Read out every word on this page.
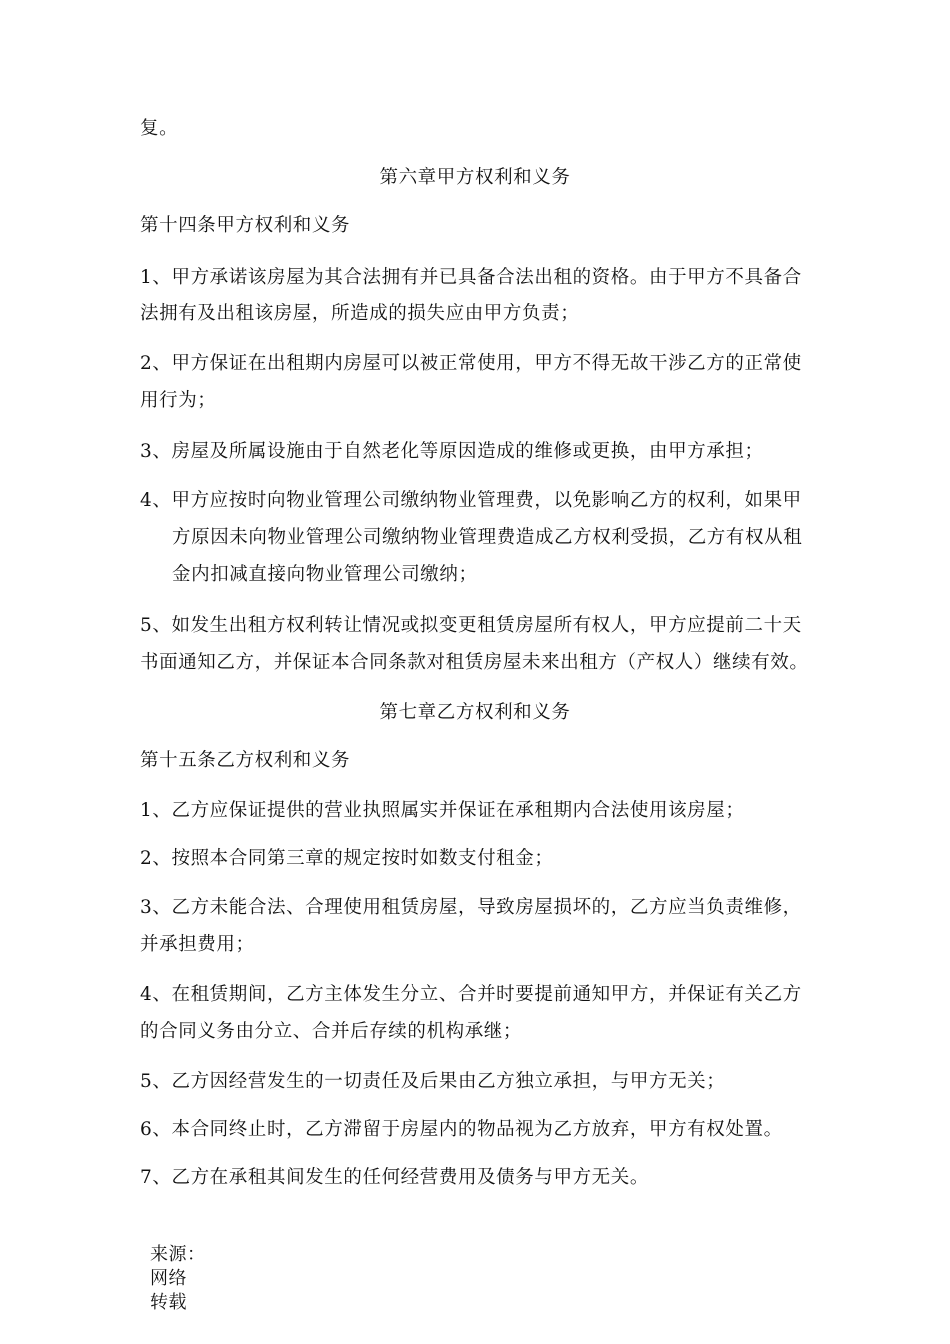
复。
第六章甲方权利和义务
第十四条甲方权利和义务
1、甲方承诺该房屋为其合法拥有并已具备合法出租的资格。由于甲方不具备合
法拥有及出租该房屋，所造成的损失应由甲方负责；
2、甲方保证在出租期内房屋可以被正常使用，甲方不得无故干涉乙方的正常使
用行为；
3、房屋及所属设施由于自然老化等原因造成的维修或更换，由甲方承担；
4、甲方应按时向物业管理公司缴纳物业管理费，以免影响乙方的权利，如果甲
方原因未向物业管理公司缴纳物业管理费造成乙方权利受损，乙方有权从租
金内扣减直接向物业管理公司缴纳；
5、如发生出租方权利转让情况或拟变更租赁房屋所有权人，甲方应提前二十天
书面通知乙方，并保证本合同条款对租赁房屋未来出租方（产权人）继续有效。
第七章乙方权利和义务
第十五条乙方权利和义务
1、乙方应保证提供的营业执照属实并保证在承租期内合法使用该房屋；
2、按照本合同第三章的规定按时如数支付租金；
3、乙方未能合法、合理使用租赁房屋，导致房屋损坏的，乙方应当负责维修，
并承担费用；
4、在租赁期间，乙方主体发生分立、合并时要提前通知甲方，并保证有关乙方
的合同义务由分立、合并后存续的机构承继；
5、乙方因经营发生的一切责任及后果由乙方独立承担，与甲方无关；
6、本合同终止时，乙方滞留于房屋内的物品视为乙方放弃，甲方有权处置。
7、乙方在承租其间发生的任何经营费用及债务与甲方无关。
来源：
网络
转载
